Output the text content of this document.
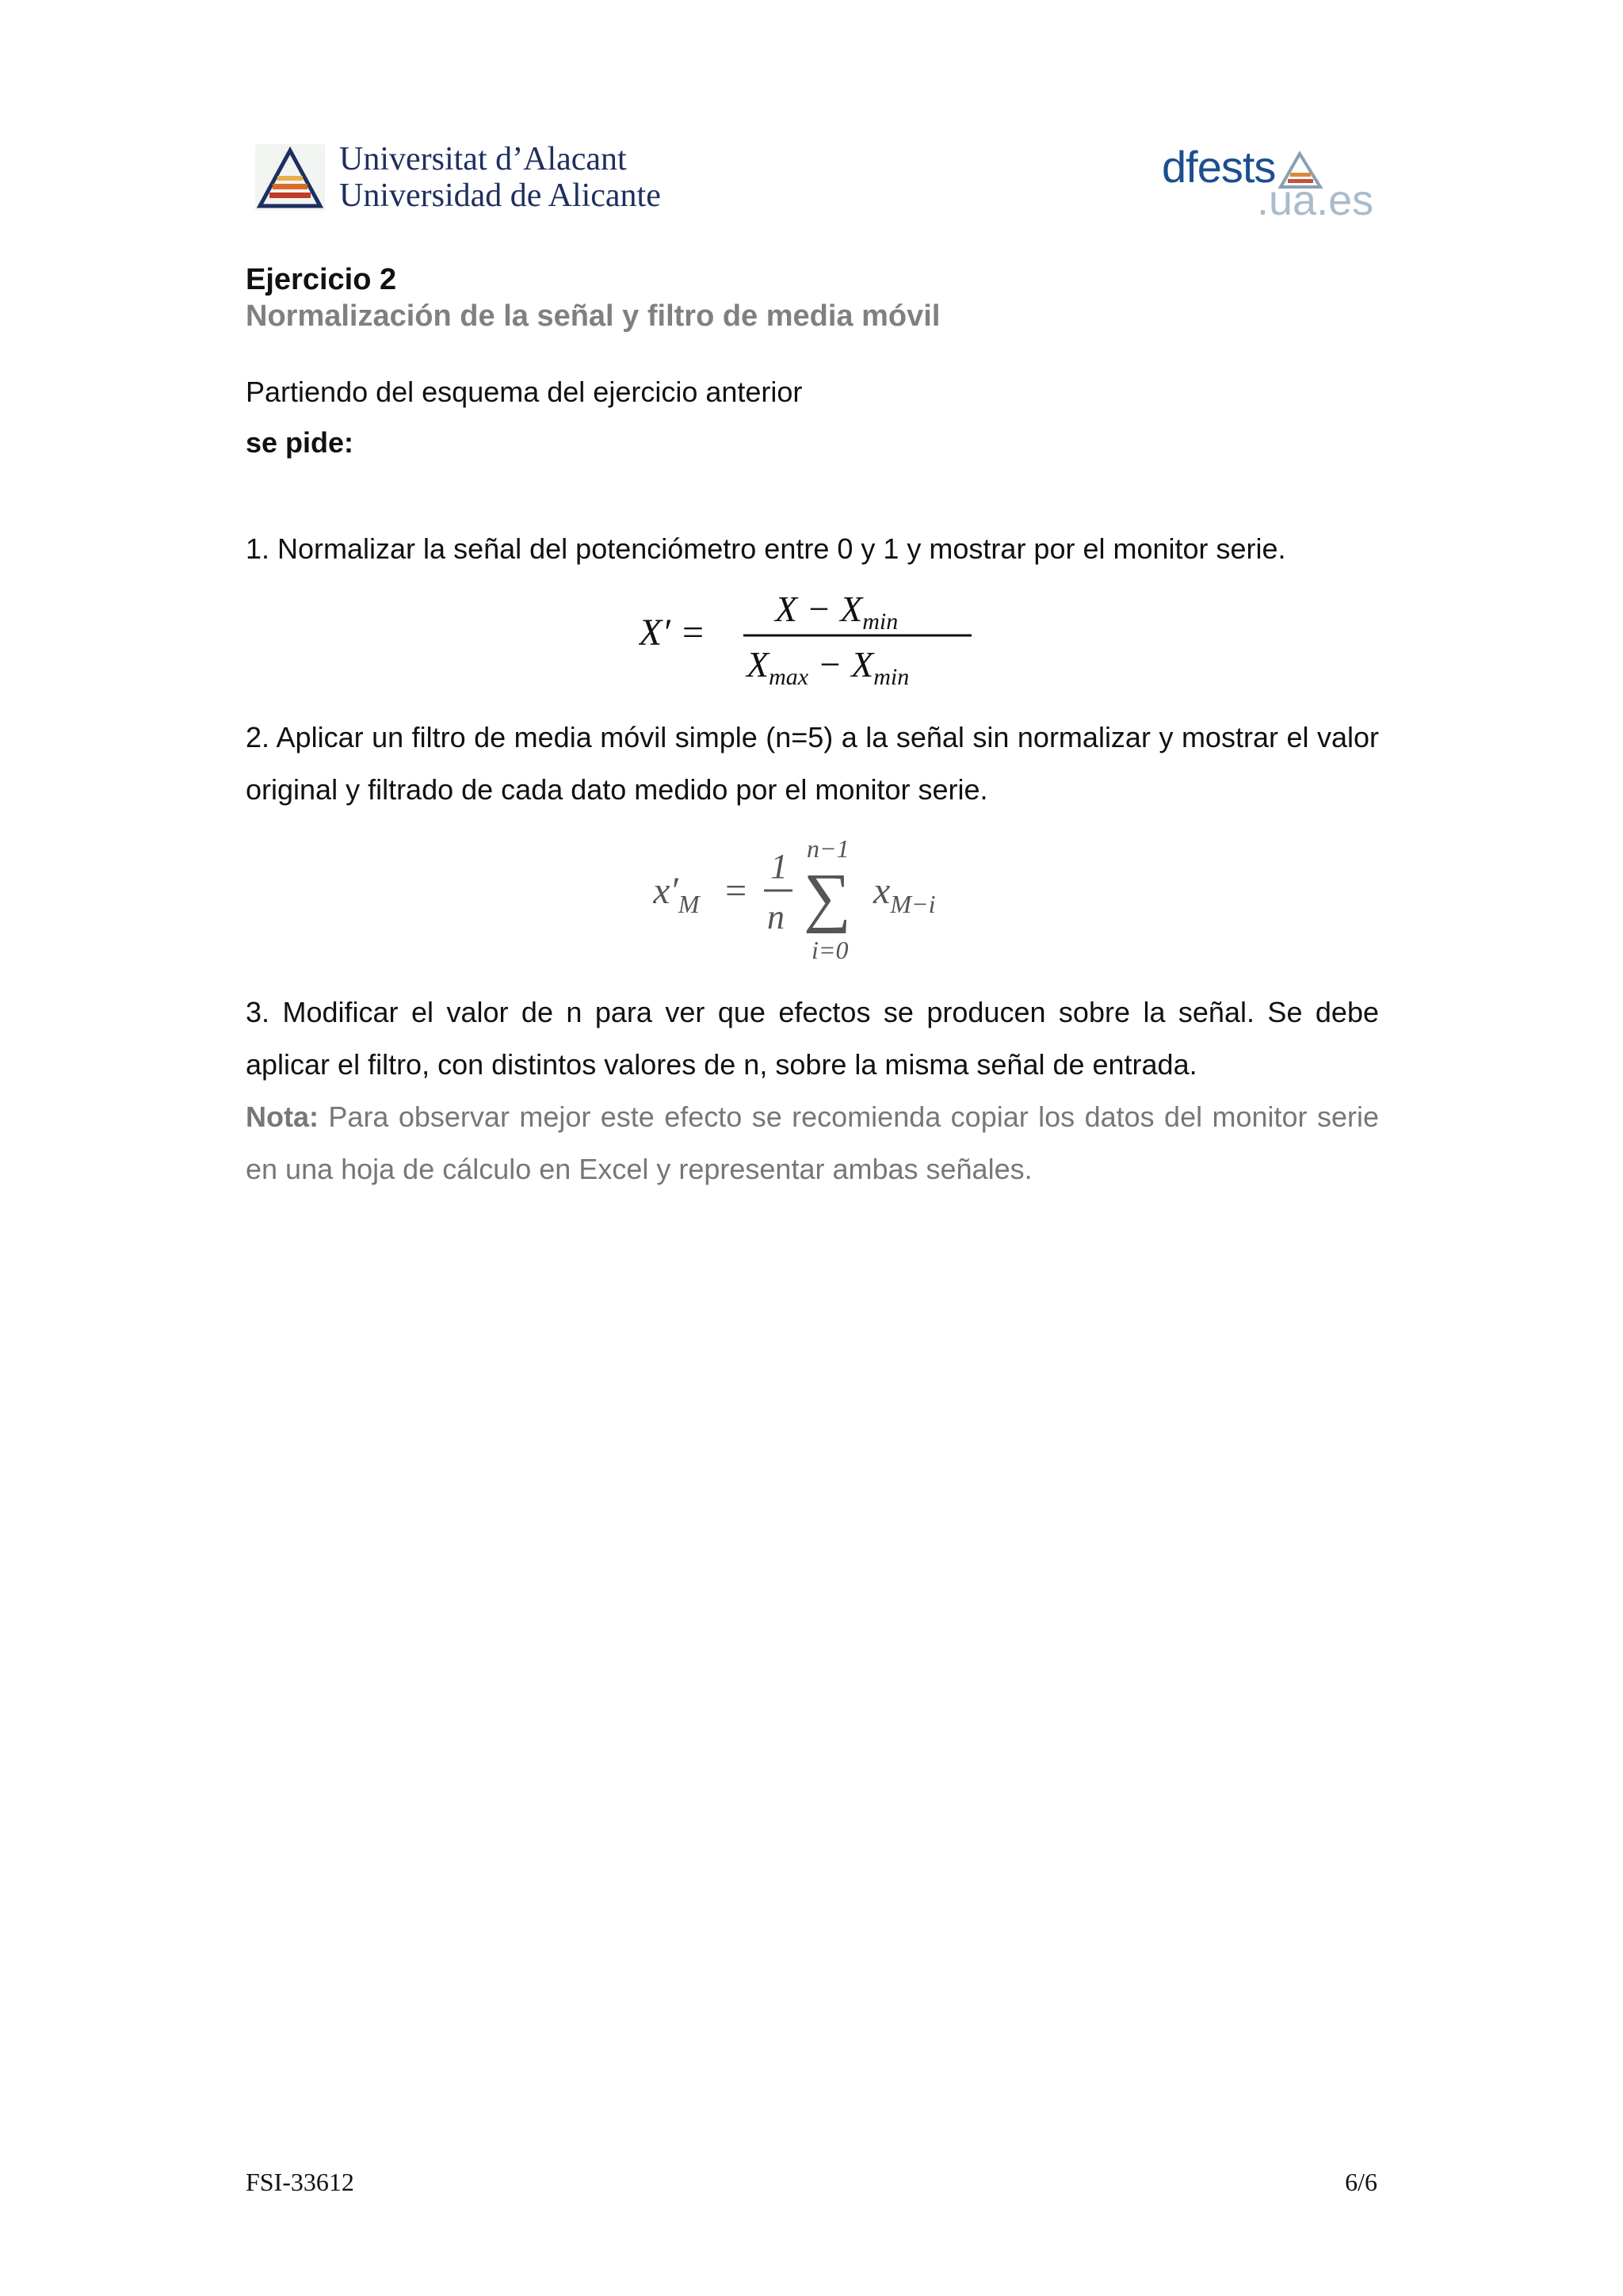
Universitat d’Alacant
Universidad de Alicante
dfests
.ua.es
Ejercicio 2
Normalización de la señal y filtro de media móvil
Partiendo del esquema del ejercicio anterior
se pide:
1. Normalizar la señal del potenciómetro entre 0 y 1 y mostrar por el monitor serie.
X′ =
$X - X_{min}$
$X_{max} - X_{min}$
2. Aplicar un filtro de media móvil simple (n=5) a la señal sin normalizar y mostrar el valor original y filtrado de cada dato medido por el monitor serie.
$x'_M$ =
1
n
n−1
∑
i=0
$x_{M-i}$
3. Modificar el valor de n para ver que efectos se producen sobre la señal. Se debe aplicar el filtro, con distintos valores de n, sobre la misma señal de entrada.
Nota: Para observar mejor este efecto se recomienda copiar los datos del monitor serie en una hoja de cálculo en Excel y representar ambas señales.
FSI-33612	6/6
